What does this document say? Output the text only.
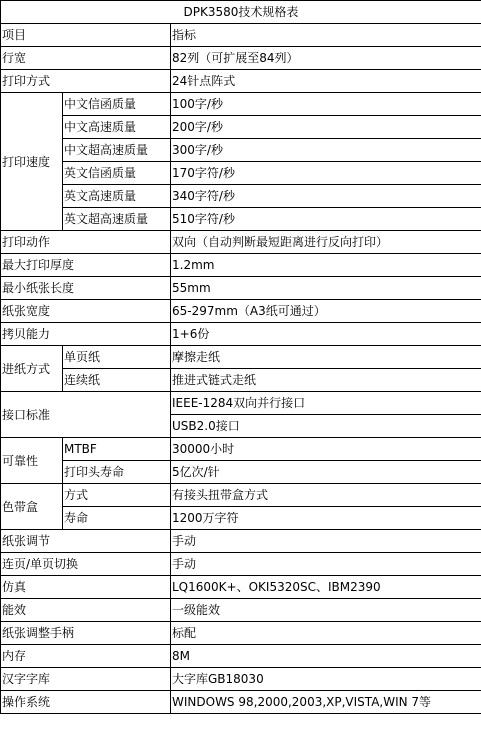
DPK3580技术规格表		
项目		指标
行宽		82列（可扩展至84列）
打印方式		24针点阵式
打印速度	中文信函质量	100字/秒
	中文高速质量	200字/秒
	中文超高速质量	300字/秒
	英文信函质量	170字符/秒
	英文高速质量	340字符/秒
	英文超高速质量	510字符/秒
打印动作		双向（自动判断最短距离进行反向打印）
最大打印厚度		1.2mm
最小纸张长度		55mm
纸张宽度		65-297mm（A3纸可通过）
拷贝能力		1+6份
进纸方式	单页纸	摩擦走纸
	连续纸	推进式链式走纸
接口标准		IEEE-1284双向并行接口
		USB2.0接口
可靠性	MTBF	30000小时
	打印头寿命	5亿次/针
色带盒	方式	有接头扭带盒方式
	寿命	1200万字符
纸张调节		手动
连页/单页切换		手动
仿真		LQ1600K+、OKI5320SC、IBM2390
能效		一级能效
纸张调整手柄		标配
内存		8M
汉字字库		大字库GB18030
操作系统		WINDOWS 98,2000,2003,XP,VISTA,WIN 7等
